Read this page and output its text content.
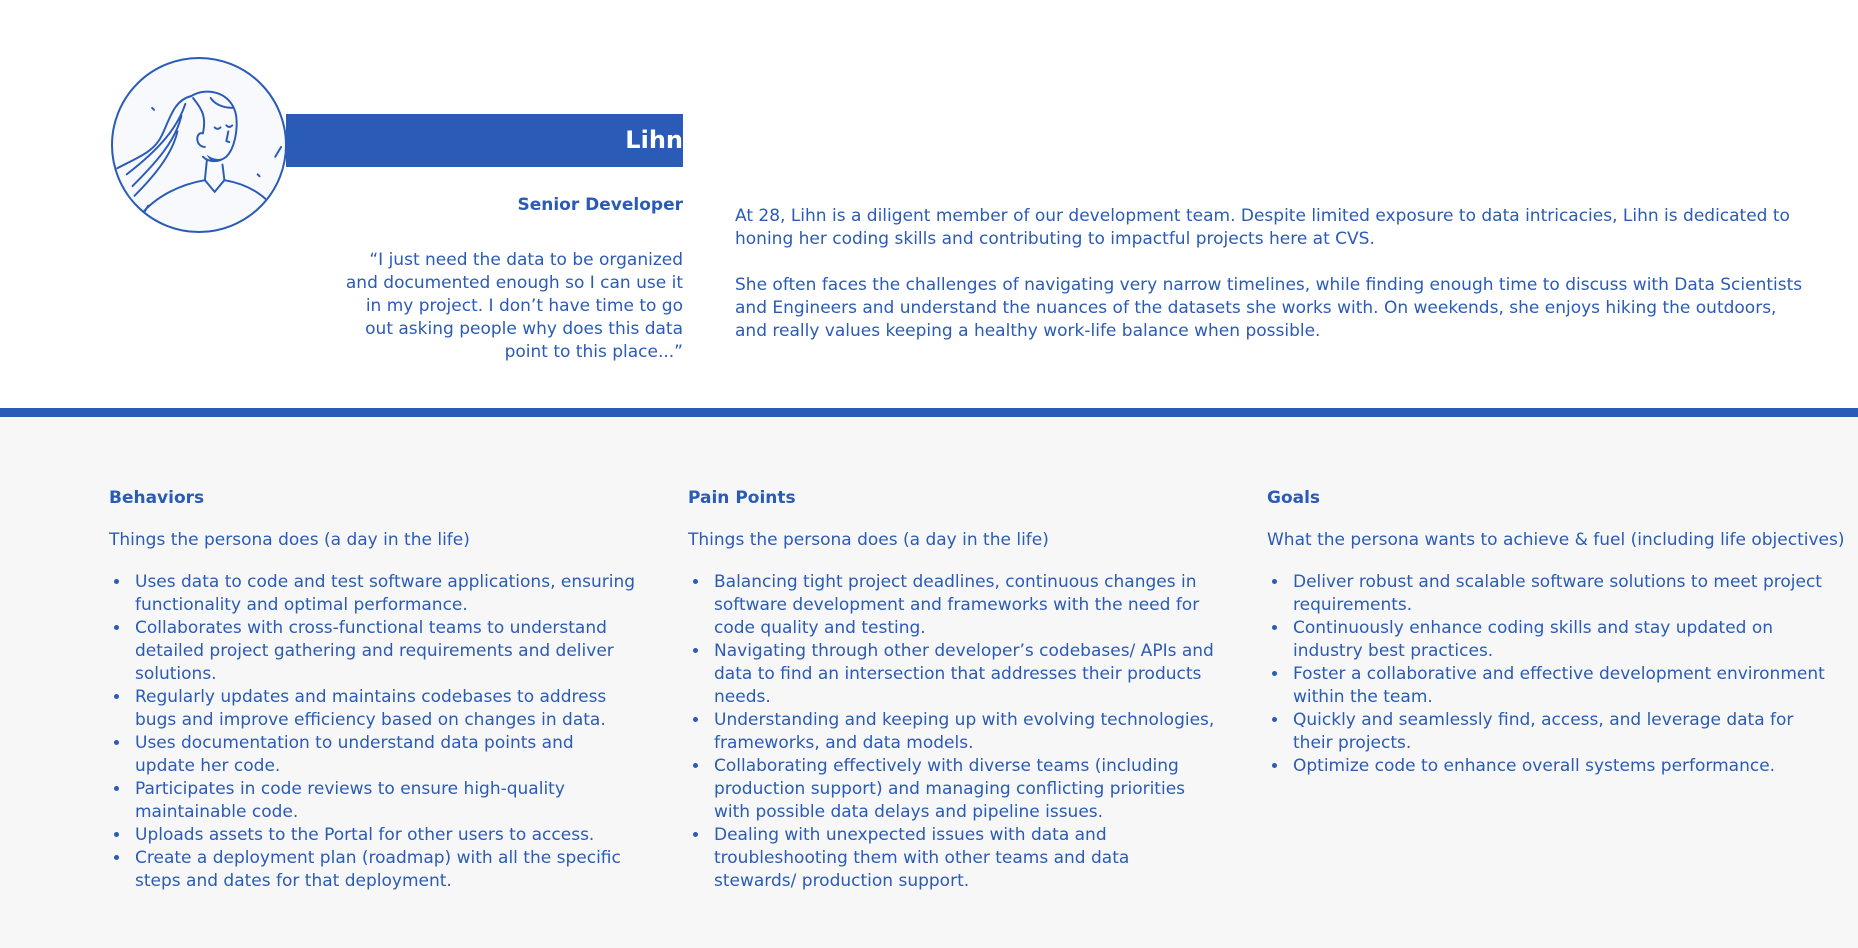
Lihn
Senior Developer
“I just need the data to be organized and documented enough so I can use it in my project. I don’t have time to go out asking people why does this data point to this place...”

At 28, Lihn is a diligent member of our development team. Despite limited exposure to data intricacies, Lihn is dedicated to honing her coding skills and contributing to impactful projects here at CVS.

She often faces the challenges of navigating very narrow timelines, while finding enough time to discuss with Data Scientists and Engineers and understand the nuances of the datasets she works with. On weekends, she enjoys hiking the outdoors, and really values keeping a healthy work-life balance when possible.

Behaviors
Things the persona does (a day in the life)
• Uses data to code and test software applications, ensuring functionality and optimal performance.
• Collaborates with cross-functional teams to understand detailed project gathering and requirements and deliver solutions.
• Regularly updates and maintains codebases to address bugs and improve efficiency based on changes in data.
• Uses documentation to understand data points and update her code.
• Participates in code reviews to ensure high-quality maintainable code.
• Uploads assets to the Portal for other users to access.
• Create a deployment plan (roadmap) with all the specific steps and dates for that deployment.
Pain Points
Things the persona does (a day in the life)
• Balancing tight project deadlines, continuous changes in software development and frameworks with the need for code quality and testing.
• Navigating through other developer’s codebases/ APIs and data to find an intersection that addresses their products needs.
• Understanding and keeping up with evolving technologies, frameworks, and data models.
• Collaborating effectively with diverse teams (including production support) and managing conflicting priorities with possible data delays and pipeline issues.
• Dealing with unexpected issues with data and troubleshooting them with other teams and data stewards/ production support.
Goals
What the persona wants to achieve & fuel (including life objectives)
• Deliver robust and scalable software solutions to meet project requirements.
• Continuously enhance coding skills and stay updated on industry best practices.
• Foster a collaborative and effective development environment within the team.
• Quickly and seamlessly find, access, and leverage data for their projects.
• Optimize code to enhance overall systems performance.
